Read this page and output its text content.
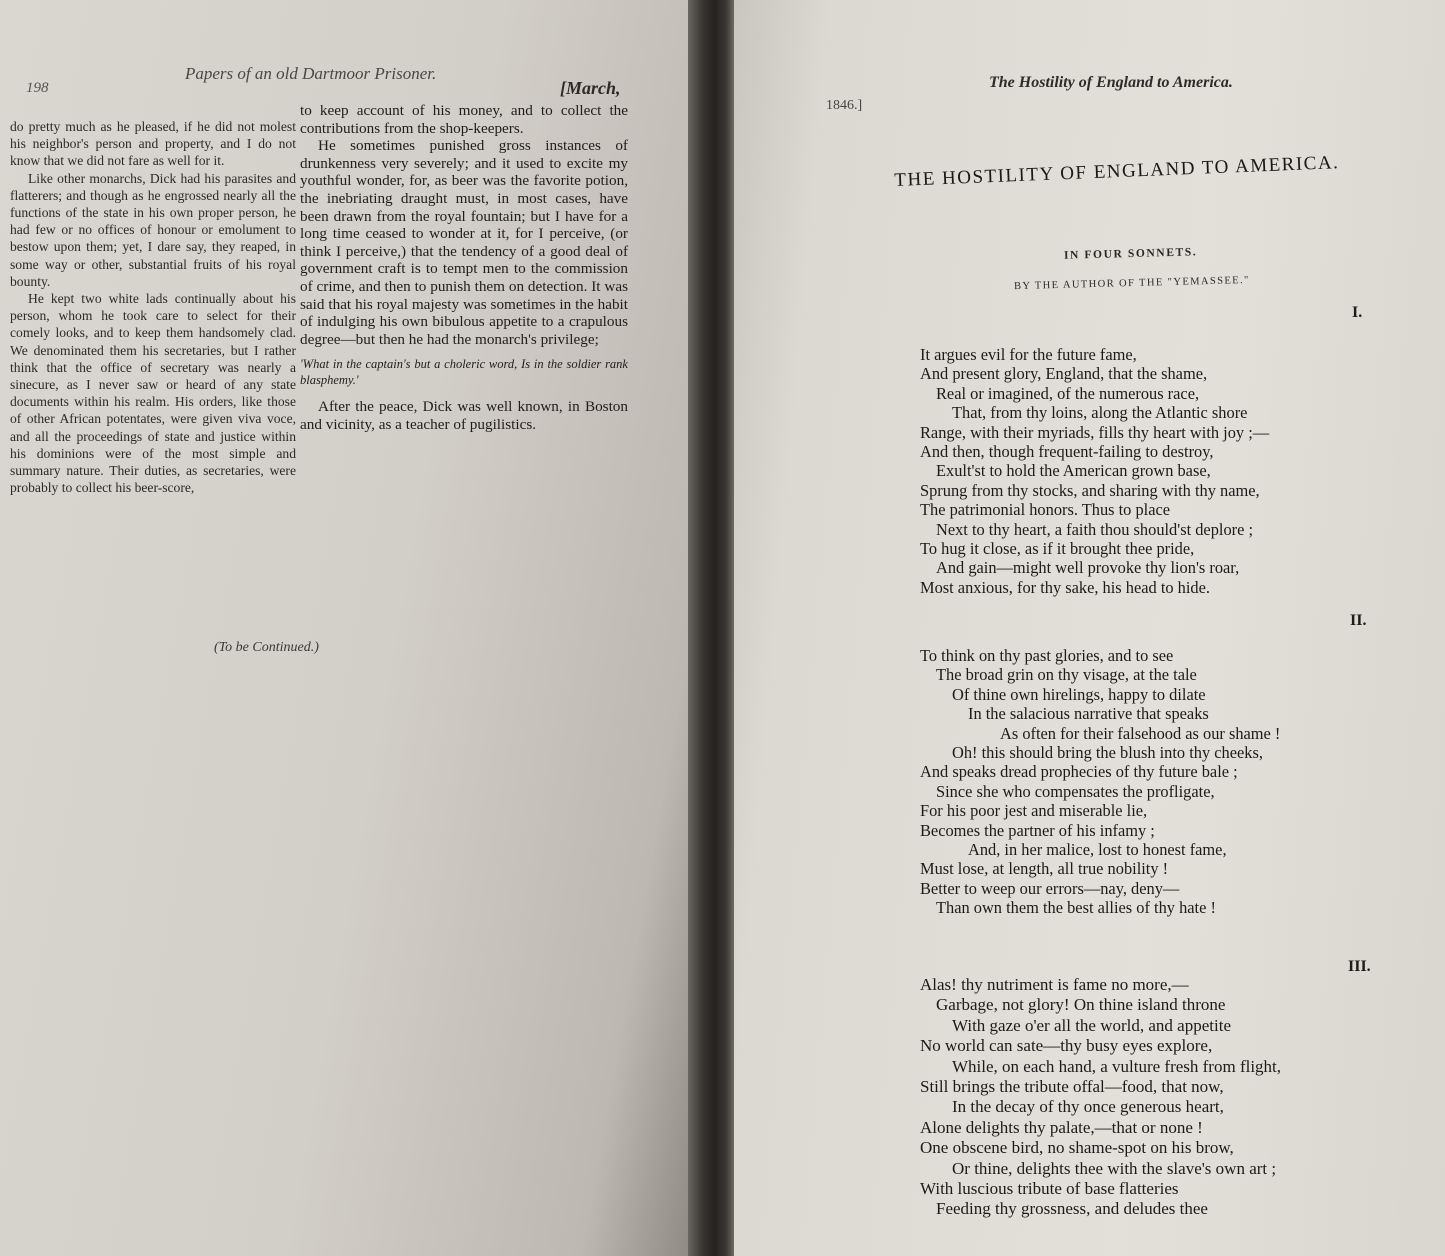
198
Papers of an old Dartmoor Prisoner.
[March,

do pretty much as he pleased, if he did not molest his neighbor's person and property, and I do not know that we did not fare as well for it.

Like other monarchs, Dick had his parasites and flatterers; and though as he engrossed nearly all the functions of the state in his own proper person, he had few or no offices of honour or emolument to bestow upon them; yet, I dare say, they reaped, in some way or other, substantial fruits of his royal bounty.

He kept two white lads continually about his person, whom he took care to select for their comely looks, and to keep them handsomely clad. We denominated them his secretaries, but I rather think that the office of secretary was nearly a sinecure, as I never saw or heard of any state documents within his realm. His orders, like those of other African potentates, were given viva voce, and all the proceedings of state and justice within his dominions were of the most simple and summary nature. Their duties, as secretaries, were probably to collect his beer-score,

to keep account of his money, and to collect the contributions from the shop-keepers.

He sometimes punished gross instances of drunkenness very severely; and it used to excite my youthful wonder, for, as beer was the favorite potion, the inebriating draught must, in most cases, have been drawn from the royal fountain; but I have for a long time ceased to wonder at it, for I perceive, (or think I perceive,) that the tendency of a good deal of government craft is to tempt men to the commission of crime, and then to punish them on detection. It was said that his royal majesty was sometimes in the habit of indulging his own bibulous appetite to a crapulous degree—but then he had the monarch's privilege;

'What in the captain's but a choleric word, Is in the soldier rank blasphemy.'

After the peace, Dick was well known, in Boston and vicinity, as a teacher of pugilistics.

(To be Continued.)
1846.]
The Hostility of England to America.
THE HOSTILITY OF ENGLAND TO AMERICA.
IN FOUR SONNETS.
BY THE AUTHOR OF THE "YEMASSEE."
I.
It argues evil for the future fame,
And present glory, England, that the shame,
Real or imagined, of the numerous race,
That, from thy loins, along the Atlantic shore
Range, with their myriads, fills thy heart with joy ;—
And then, though frequent-failing to destroy,
Exult'st to hold the American grown base,
Sprung from thy stocks, and sharing with thy name,
The patrimonial honors. Thus to place
Next to thy heart, a faith thou should'st deplore ;
To hug it close, as if it brought thee pride,
And gain—might well provoke thy lion's roar,
Most anxious, for thy sake, his head to hide.
II.
To think on thy past glories, and to see
The broad grin on thy visage, at the tale
Of thine own hirelings, happy to dilate
In the salacious narrative that speaks
As often for their falsehood as our shame !
Oh! this should bring the blush into thy cheeks,
And speaks dread prophecies of thy future bale ;
Since she who compensates the profligate,
For his poor jest and miserable lie,
Becomes the partner of his infamy ;
And, in her malice, lost to honest fame,
Must lose, at length, all true nobility !
Better to weep our errors—nay, deny—
Than own them the best allies of thy hate !
III.
Alas! thy nutriment is fame no more,—
Garbage, not glory! On thine island throne
With gaze o'er all the world, and appetite
No world can sate—thy busy eyes explore,
While, on each hand, a vulture fresh from flight,
Still brings the tribute offal—food, that now,
In the decay of thy once generous heart,
Alone delights thy palate,—that or none !
One obscene bird, no shame-spot on his brow,
Or thine, delights thee with the slave's own art ;
With luscious tribute of base flatteries
Feeding thy grossness, and deludes thee
